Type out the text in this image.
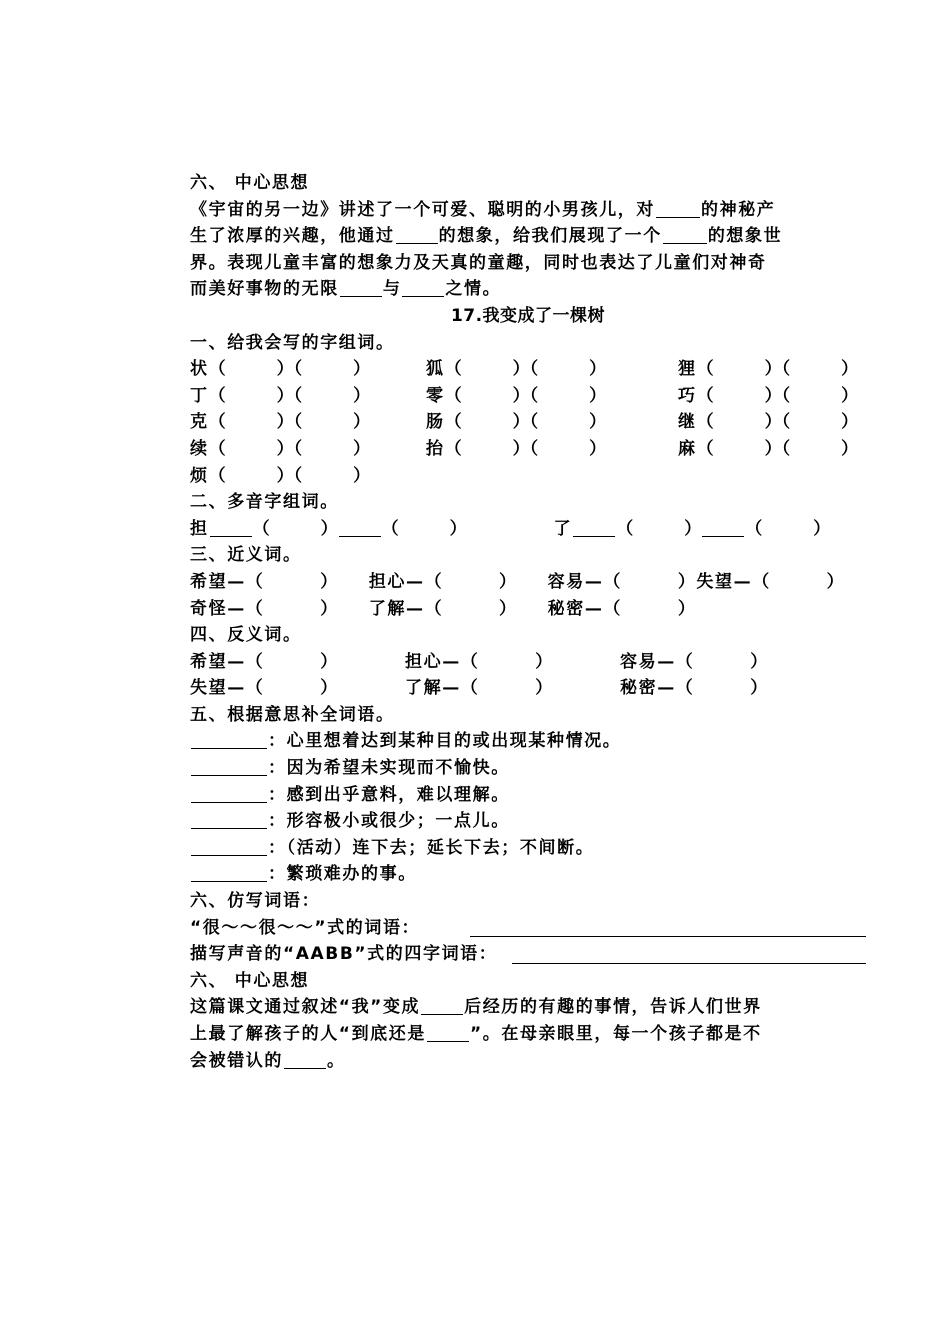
六、 中心思想
《宇宙的另一边》讲述了一个可爱、聪明的小男孩儿，对	的神秘产
生了浓厚的兴趣，他通过	的想象，给我们展现了一个	的想象世
界。表现儿童丰富的想象力及天真的童趣，同时也表达了儿童们对神奇
而美好事物的无限	与	之情。
17.我变成了一棵树
一、给我会写的字组词。
状（　　　）（　　　）	狐（　　　）（　　　）	狸（　　　）（　　　）
丁（　　　）（　　　）	零（　　　）（　　　）	巧（　　　）（　　　）
克（　　　）（　　　）	肠（　　　）（　　　）	继（　　　）（　　　）
续（　　　）（　　　）	抬（　　　）（　　　）	麻（　　　）（　　　）
烦（　　　）（　　　）
二、多音字组词。
担	（　　　）	（　　　）	了	（　　　）	（　　　）
三、近义词。
希望—（　　　） 担心—（　　　） 容易—（　　　）失望—（　　　）
奇怪—（　　　） 了解—（　　　） 秘密—（　　　）
四、反义词。
希望—（　　　）	担心—（　　　）	容易—（　　　）
失望—（　　　）	了解—（　　　）	秘密—（　　　）
五、根据意思补全词语。
：心里想着达到某种目的或出现某种情况。
：因为希望未实现而不愉快。
：感到出乎意料，难以理解。
：形容极小或很少；一点儿。
：（活动）连下去；延长下去；不间断。
：繁琐难办的事。
六、仿写词语：
“很～～很～～”式的词语：
描写声音的“AABB”式的四字词语：
六、 中心思想
这篇课文通过叙述“我”变成	后经历的有趣的事情，告诉人们世界
上最了解孩子的人“到底还是	”。在母亲眼里，每一个孩子都是不
会被错认的	。
